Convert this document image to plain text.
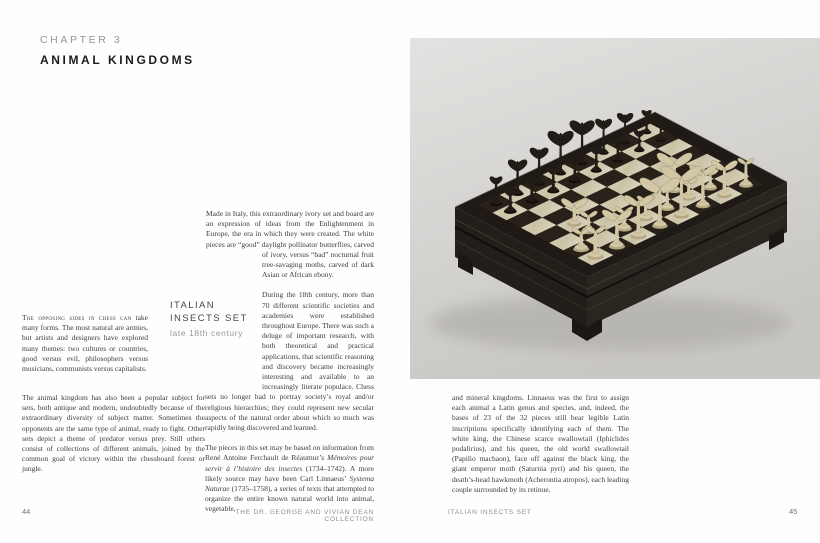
CHAPTER 3
ANIMAL KINGDOMS

The opposing sides in chess can take many forms. The most natural are armies, but artists and designers have explored many themes: two cultures or countries, good versus evil, philosophers versus musicians, communists versus capitalists.

The animal kingdom has also been a popular subject for sets, both antique and modern, undoubtedly because of the extraordinary diversity of subject matter. Sometimes the opponents are the same type of animal, ready to fight. Other sets depict a theme of predator versus prey. Still others consist of collections of different animals, joined by the common goal of victory within the chessboard forest or jungle.

ITALIAN
INSECTS SET
late 18th century

Made in Italy, this extraordinary ivory set and board are an expression of ideas from the Enlightenment in Europe, the era in which they were created. The white pieces are “good” daylight pollinator butterflies, carved of ivory, versus “bad” nocturnal fruit tree-savaging moths, carved of dark Asian or African ebony.

During the 18th century, more than 70 different scientific societies and academies were established throughout Europe. There was such a deluge of important research, with both theoretical and practical applications, that scientific reasoning and discovery became increasingly interesting and available to an increasingly literate populace. Chess sets no longer had to portray society’s royal and/or religious hierarchies; they could represent new secular aspects of the natural order about which so much was rapidly being discovered and learned.

The pieces in this set may be based on information from René Antoine Ferchault de Réaumur’s Mémoires pour servir à l’histoire des insectes (1734–1742). A more likely source may have been Carl Linnaeus’ Systema Naturae (1735–1758), a series of texts that attempted to organize the entire known natural world into animal, vegetable,

and mineral kingdoms. Linnaeus was the first to assign each animal a Latin genus and species, and, indeed, the bases of 23 of the 32 pieces still bear legible Latin inscriptions specifically identifying each of them. The white king, the Chinese scarce swallowtail (Iphiclides podalirius), and his queen, the old world swallowtail (Papilio machaon), face off against the black king, the giant emperor moth (Saturnia pyri) and his queen, the death’s-head hawkmoth (Acherontia atropos), each leading couple surrounded by its retinue.

44	THE DR. GEORGE AND VIVIAN DEAN COLLECTION
ITALIAN INSECTS SET	45
